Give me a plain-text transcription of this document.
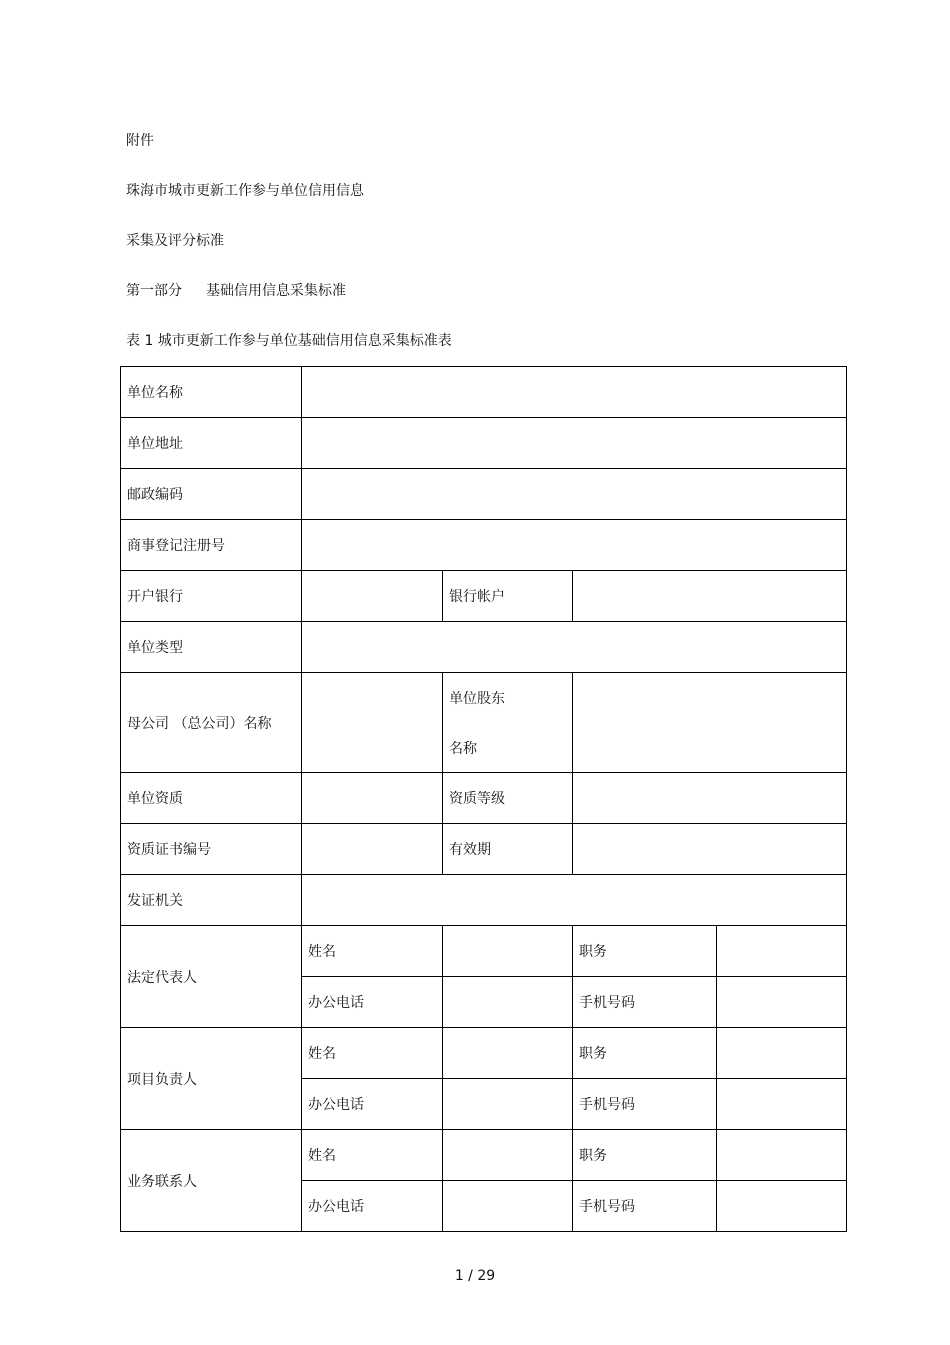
附件
珠海市城市更新工作参与单位信用信息
采集及评分标准
第一部分 基础信用信息采集标准
表 1 城市更新工作参与单位基础信用信息采集标准表
单位名称				
单位地址				
邮政编码				
商事登记注册号				
开户银行		银行帐户		
单位类型				
母公司 （总公司）名称		单位股东
名称		

单位资质		资质等级		
资质证书编号		有效期		
发证机关				
法定代表人	姓名		职务	
	办公电话		手机号码	
项目负责人	姓名		职务	
	办公电话		手机号码	
业务联系人	姓名		职务	
	办公电话		手机号码	
1 / 29
